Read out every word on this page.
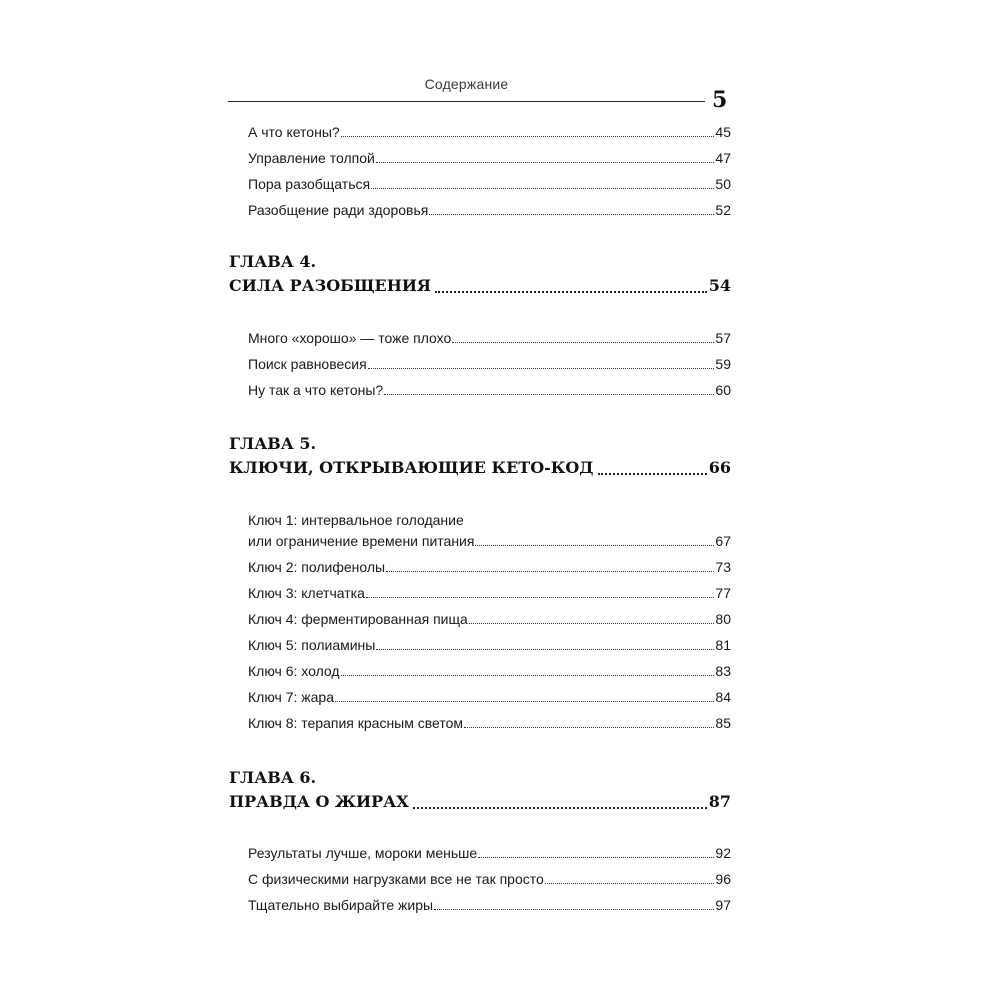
Содержание
5
А что кетоны?	45
Управление толпой	47
Пора разобщаться	50
Разобщение ради здоровья	52
ГЛАВА 4.
СИЛА РАЗОБЩЕНИЯ	54
Много «хорошо» — тоже плохо	57
Поиск равновесия	59
Ну так а что кетоны?	60
ГЛАВА 5.
КЛЮЧИ, ОТКРЫВАЮЩИЕ КЕТО-КОД	66
Ключ 1: интервальное голодание
или ограничение времени питания	67
Ключ 2: полифенолы	73
Ключ 3: клетчатка	77
Ключ 4: ферментированная пища	80
Ключ 5: полиамины	81
Ключ 6: холод	83
Ключ 7: жара	84
Ключ 8: терапия красным светом	85
ГЛАВА 6.
ПРАВДА О ЖИРАХ	87
Результаты лучше, мороки меньше	92
С физическими нагрузками все не так просто	96
Тщательно выбирайте жиры	97
